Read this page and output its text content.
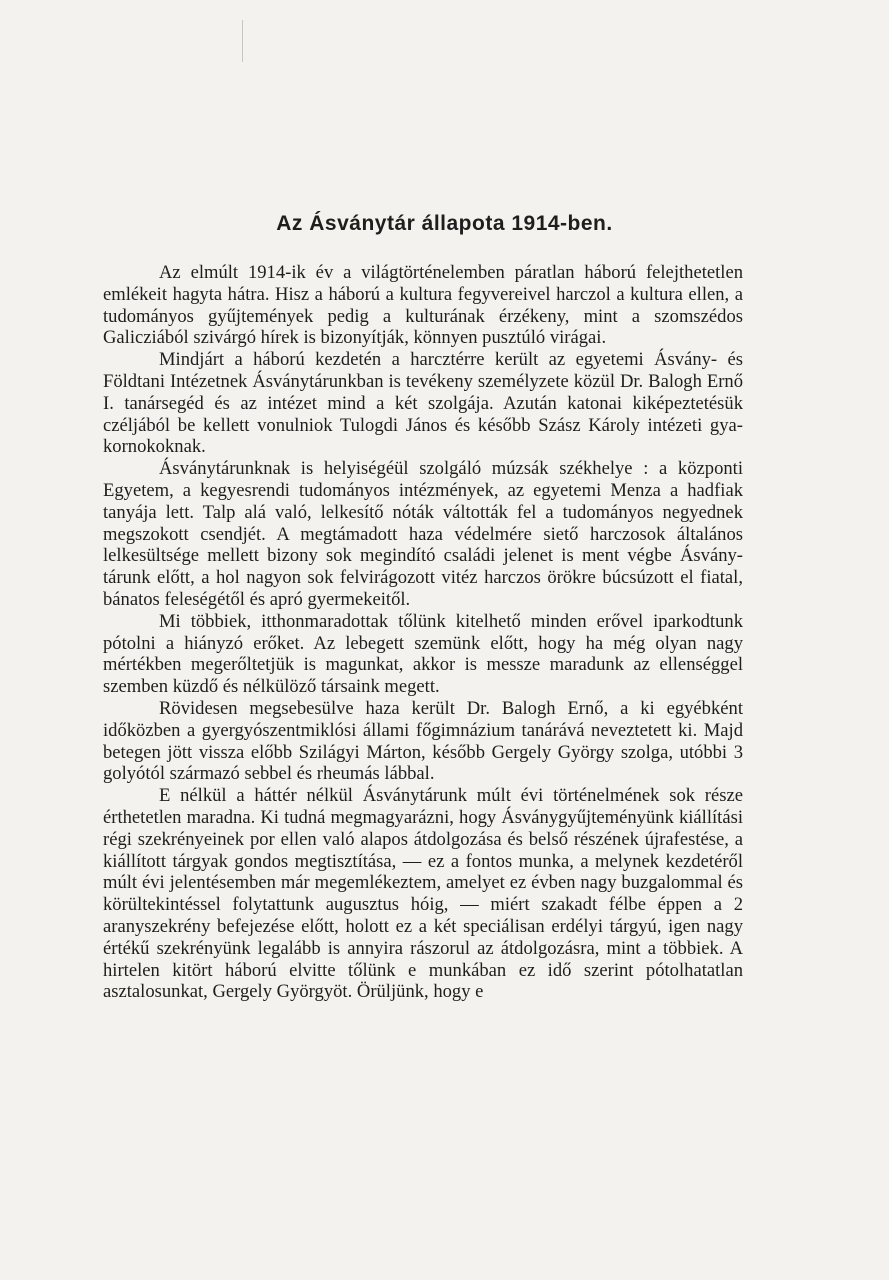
Az Ásványtár állapota 1914-ben.

Az elmúlt 1914-ik év a világtörténelemben páratlan háború felejthetetlen emlékeit hagyta hátra. Hisz a háború a kultura fegyvereivel harczol a kultura ellen, a tudományos gyűjtemények pedig a kulturának érzékeny, mint a szomszédos Galicziából szivárgó hírek is bizonyítják, könnyen pusztúló virágai.

Mindjárt a háború kezdetén a harcztérre került az egyetemi Ásvány- és Földtani Intézetnek Ásványtárunkban is tevékeny személyzete közül Dr. Balogh Ernő I. tanársegéd és az intézet mind a két szolgája. Azután katonai kiképeztetésük czéljából be kellett vonulniok Tulogdi János és később Szász Károly intézeti gyakornokoknak.

Ásványtárunknak is helyiségéül szolgáló múzsák székhelye : a központi Egyetem, a kegyesrendi tudományos intézmények, az egyetemi Menza a hadfiak tanyája lett. Talp alá való, lelkesítő nóták váltották fel a tudományos negyednek megszokott csendjét. A megtámadott haza védelmére siető harczosok általános lelkesültsége mellett bizony sok megindító családi jelenet is ment végbe Ásványtárunk előtt, a hol nagyon sok felvirágozott vitéz harczos örökre búcsúzott el fiatal, bánatos feleségétől és apró gyermekeitől.

Mi többiek, itthonmaradottak tőlünk kitelhető minden erővel iparkodtunk pótolni a hiányzó erőket. Az lebegett szemünk előtt, hogy ha még olyan nagy mértékben megerőltetjük is magunkat, akkor is messze maradunk az ellenséggel szemben küzdő és nélkülöző társaink megett.

Rövidesen megsebesülve haza került Dr. Balogh Ernő, a ki egyébként időközben a gyergyószentmiklósi állami főgimnázium tanárává neveztetett ki. Majd betegen jött vissza előbb Szilágyi Márton, később Gergely György szolga, utóbbi 3 golyótól származó sebbel és rheumás lábbal.

E nélkül a háttér nélkül Ásványtárunk múlt évi történelmének sok része érthetetlen maradna. Ki tudná megmagyarázni, hogy Ásványgyűjteményünk kiállítási régi szekrényeinek por ellen való alapos átdolgozása és belső részének újrafestése, a kiállított tárgyak gondos megtisztítása, — ez a fontos munka, a melynek kezdetéről múlt évi jelentésemben már megemlékeztem, amelyet ez évben nagy buzgalommal és körültekintéssel folytattunk augusztus hóig, — miért szakadt félbe éppen a 2 aranyszekrény befejezése előtt, holott ez a két speciálisan erdélyi tárgyú, igen nagy értékű szekrényünk legalább is annyira rászorul az átdolgozásra, mint a többiek. A hirtelen kitört háború elvitte tőlünk e munkában ez idő szerint pótolhatatlan asztalosunkat, Gergely Györgyöt. Örüljünk, hogy e
